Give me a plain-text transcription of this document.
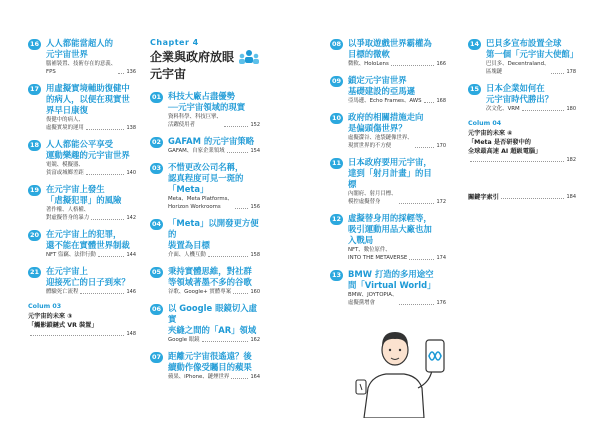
16 人人都能當超人的
元宇宙世界
腦補裝置、技術存在的意義、
FPS	136
17 用虛擬實境輔助復健中
的病人，以便在現實世
界早日康復
復健中的病人、
虛擬實境的運用	138
18 人人都能公平享受
運動樂趣的元宇宙世界
電競、模擬器、
貧富或城鄉差距	140
19 在元宇宙上發生
「虐擬犯罪」的風險
著作權、人格權、
對虛擬替身的暴力	142
20 在元宇宙上的犯罪，
還不能在實體世界制裁
NFT 盜竊、法律行動	144
21 在元宇宙上
迎接死亡的日子到來？
體驗死亡流程	146
Colum 03
元宇宙的未來 ③
「觸影鎖鏈式 VR 裝置」
148
Chapter 4
企業與政府放眼
元宇宙
01 科技大廠占盡優勢
──元宇宙領域的現實
資料科學、科技巨擘、
活躍使用者	152
02 GAFAM 的元宇宙策略
GAFAM、自家企業領域	154
03 不惜更改公司名稱，
認真程度可見一斑的
「Meta」
Meta、Meta Platforms、
Horizon Workrooms	156
04 「Meta」以開發更方便的
裝置為目標
介面、人機互動	158
05 秉持實體思維，對社群
等領域著墨不多的谷歌
谷歌、Google+ 實體專案	160
06 以 Google 眼鏡切入虛實
夾縫之間的「AR」領域
Google 眼鏡	162
07 距離元宇宙很遙遠？後
續動作像受矚目的蘋果
蘋果、iPhone、鏈煙世界	164
08 以爭取遊戲世界霸權為
目標的微軟
微軟、HoloLens	166
09 鎖定元宇宙世界
基礎建設的亞馬遜
亞馬遜、Echo Frames、AWS	168
10 政府的相關措施走向
是偏頭傷世界？
虛擬澀谷、池袋鏈像世界、
現實世界的不方便	170
11 日本政府要用元宇宙，
達到「射月計畫」的目
標
內閣府、射月目標、
模控虛擬替身	172
12 虛擬替身用的採輕等，
吸引運動用品大廠也加
入戰局
NFT、數位原件、
INTO THE METAVERSE	174
13 BMW 打造的多用途空
間「Virtual World」
BMW、JOYTOPIA、
虛擬黨增會	176
14 巴貝多宣布設置全球
第一個「元宇宙大使館」
巴貝多、Decentraland、
區塊鏈	178
15 日本企業如何在
元宇宙時代勝出？
次文化、VRM	180
Colum 04
元宇宙的未來 ④
「Meta 是否研發中的
全球最高速 AI 超級電腦」
182
關鍵字索引	184
